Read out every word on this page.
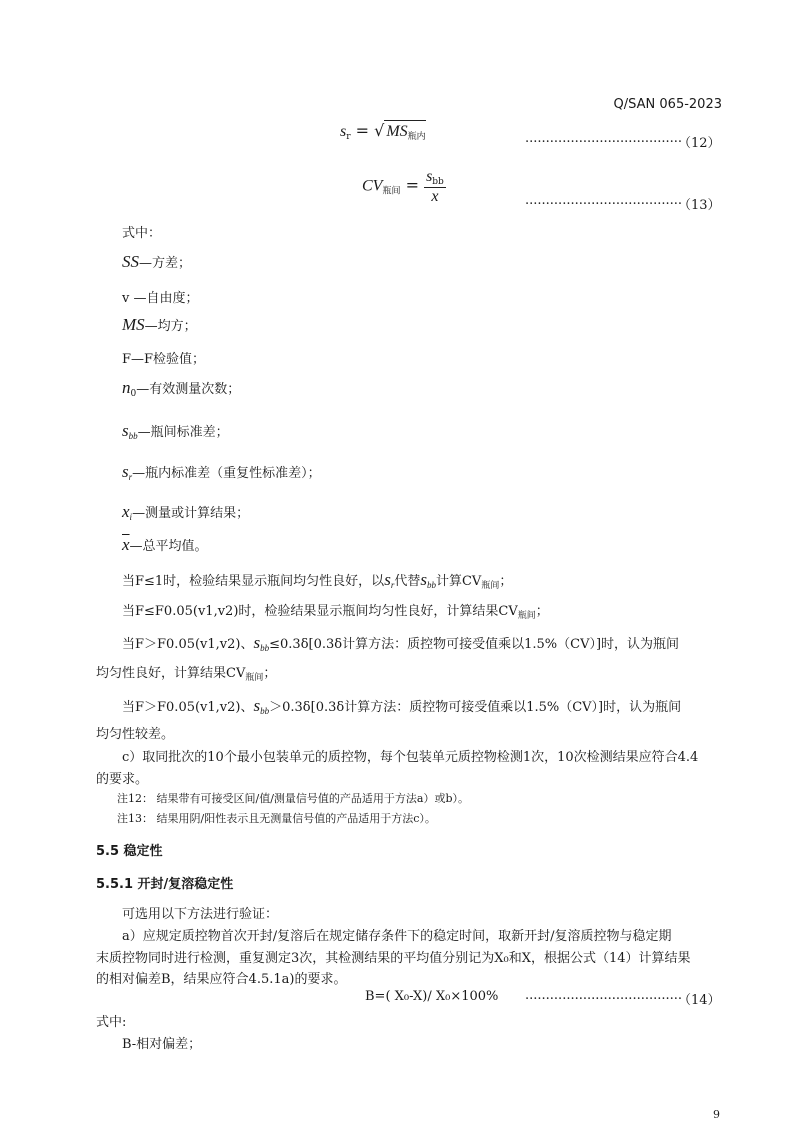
Q/SAN 065-2023
$s_r$ = √ $MS_{瓶内}$	......................................
（12）
$CV_{瓶间} = \frac{s_{bb}}{x}$	......................................
（13）
式中：
SS—方差；
v —自由度；
MS—均方；
F—F检验值；
$n_0—$有效测量次数；
$s_{bb}—$瓶间标准差；
$s_r—$瓶内标准差（重复性标准差）；
$x_i—$测量或计算结果；
$\overline{x}—$总平均值。
当F≤1时，检验结果显示瓶间均匀性良好，以$s_r$代替$s_{bb}$计算$CV_{瓶间}$；
当F≤F0.05(v1,v2)时，检验结果显示瓶间均匀性良好，计算结果$CV_{瓶间}$；
当F＞F0.05(v1,v2)、$s_{bb}\le 0.3\delta[0.3\delta$计算方法：质控物可接受值乘以1.5%（CV）]时，认为瓶间
均匀性良好，计算结果$CV_{瓶间}$；
当F＞F0.05(v1,v2)、$s_{bb}>0.3\delta[0.3\delta$计算方法：质控物可接受值乘以1.5%（CV）]时，认为瓶间
均匀性较差。
c）取同批次的10个最小包装单元的质控物，每个包装单元质控物检测1次，10次检测结果应符合4.4
的要求。
注12： 结果带有可接受区间/值/测量信号值的产品适用于方法a）或b）。
注13： 结果用阴/阳性表示且无测量信号值的产品适用于方法c）。
5.5 稳定性
5.5.1 开封/复溶稳定性
可选用以下方法进行验证：
a）应规定质控物首次开封/复溶后在规定储存条件下的稳定时间，取新开封/复溶质控物与稳定期
末质控物同时进行检测，重复测定3次，其检测结果的平均值分别记为X₀和X，根据公式（14）计算结果
的相对偏差B，结果应符合4.5.1a)的要求。
B=( X₀-X)/ X₀×100% ......................................
（14）
式中:
B-相对偏差；
9
